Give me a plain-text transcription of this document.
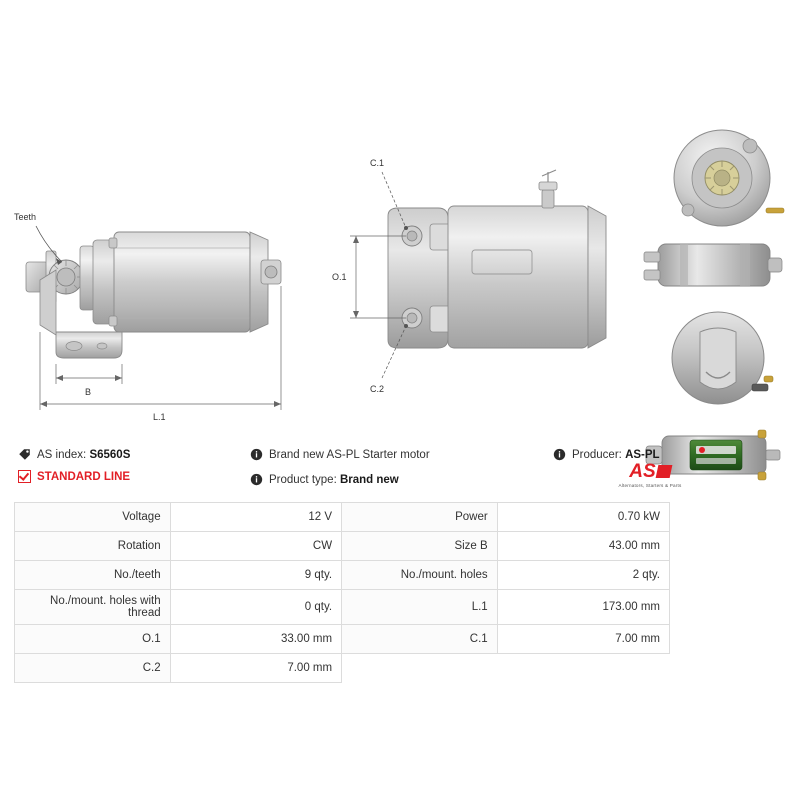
Teeth
B
L.1
C.1
C.2
O.1
AS index:
S6560S
STANDARD LINE
Brand new AS-PL Starter motor
Product type:
Brand new
Producer:
AS-PL
AS
Alternators, Starters & Parts
Voltage	12 V	Power	0.70 kW
Rotation	CW	Size B	43.00 mm
No./teeth	9 qty.	No./mount. holes	2 qty.
No./mount. holes with thread	0 qty.	L.1	173.00 mm
O.1	33.00 mm	C.1	7.00 mm
C.2	7.00 mm		
